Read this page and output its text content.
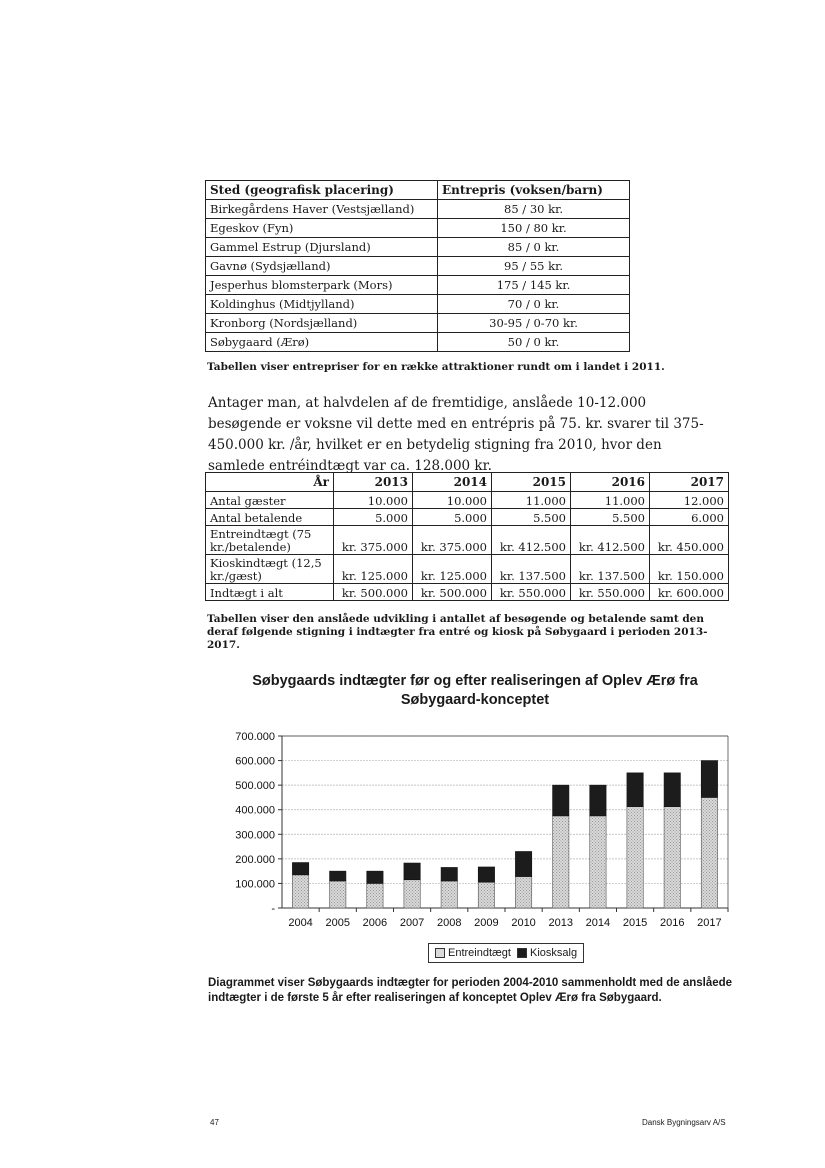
Sted (geografisk placering)	Entrepris (voksen/barn)
Birkegårdens Haver (Vestsjælland)	85 / 30 kr.
Egeskov (Fyn)	150 / 80 kr.
Gammel Estrup (Djursland)	85 / 0 kr.
Gavnø (Sydsjælland)	95 / 55 kr.
Jesperhus blomsterpark (Mors)	175 / 145 kr.
Koldinghus (Midtjylland)	70 / 0 kr.
Kronborg (Nordsjælland)	30-95 / 0-70 kr.
Søbygaard (Ærø)	50 / 0 kr.
Tabellen viser entrepriser for en række attraktioner rundt om i landet i 2011.

Antager man, at halvdelen af de fremtidige, anslåede 10-12.000 besøgende er voksne vil dette med en entrépris på 75. kr. svarer til 375-450.000 kr. /år, hvilket er en betydelig stigning fra 2010, hvor den samlede entréindtægt var ca. 128.000 kr.

År	2013	2014	2015	2016	2017
Antal gæster	10.000	10.000	11.000	11.000	12.000
Antal betalende	5.000	5.000	5.500	5.500	6.000
Entreindtægt (75 kr./betalende)	kr. 375.000	kr. 375.000	kr. 412.500	kr. 412.500	kr. 450.000
Kioskindtægt (12,5 kr./gæst)	kr. 125.000	kr. 125.000	kr. 137.500	kr. 137.500	kr. 150.000
Indtægt i alt	kr. 500.000	kr. 500.000	kr. 550.000	kr. 550.000	kr. 600.000
Tabellen viser den anslåede udvikling i antallet af besøgende og betalende samt den deraf følgende stigning i indtægter fra entré og kiosk på Søbygaard i perioden 2013-2017.
Søbygaards indtægter før og efter realiseringen af Oplev Ærø fra Søbygaard-konceptet
-
100.000
200.000
300.000
400.000
500.000
600.000
700.000
2004 2005 2006 2007 2008 2009 2010 2013 2014 2015 2016 2017
Entreindtægt	Kiosksalg
Diagrammet viser Søbygaards indtægter for perioden 2004-2010 sammenholdt med de anslåede indtægter i de første 5 år efter realiseringen af konceptet Oplev Ærø fra Søbygaard.
47	Dansk Bygningsarv A/S
